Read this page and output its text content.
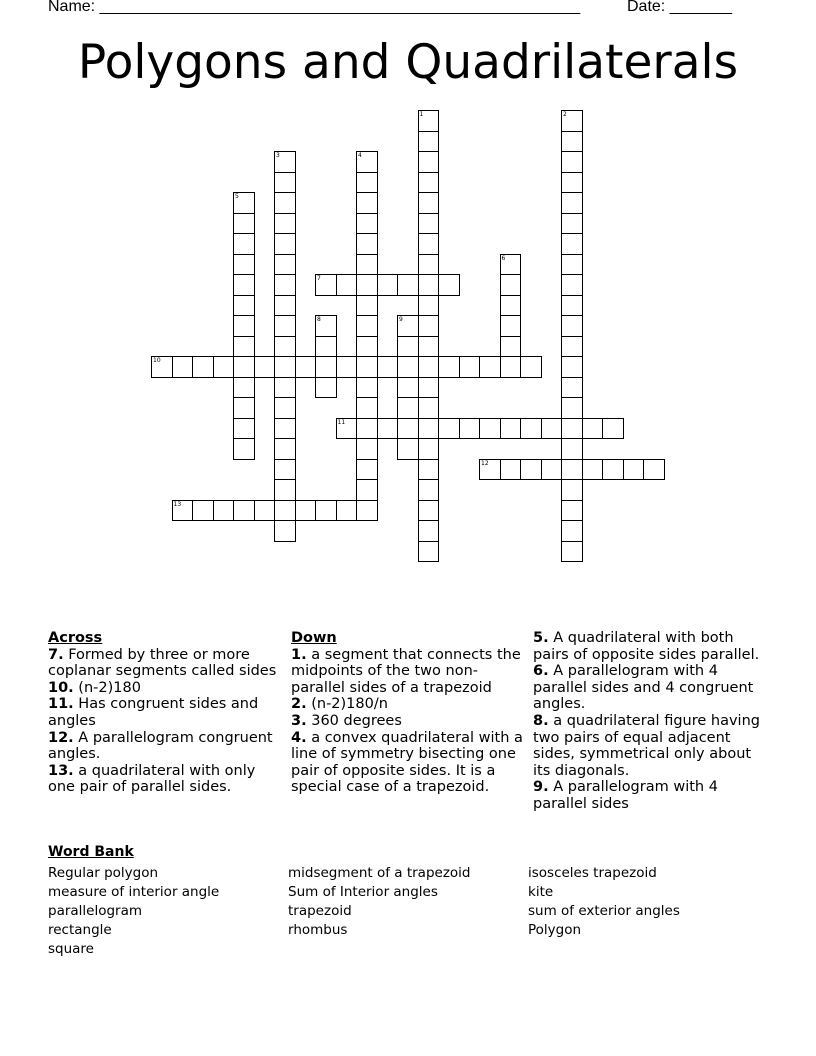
Name: ______________________________________________________	Date: _______
Polygons and Quadrilaterals
1	2
3	4
5
6
7
8	9
10
11
12
13
Across
7. Formed by three or more coplanar segments called sides
10. (n-2)180
11. Has congruent sides and angles
12. A parallelogram congruent angles.
13. a quadrilateral with only one pair of parallel sides.
Down
1. a segment that connects the midpoints of the two non-parallel sides of a trapezoid
2. (n-2)180/n
3. 360 degrees
4. a convex quadrilateral with a line of symmetry bisecting one pair of opposite sides. It is a special case of a trapezoid.
5. A quadrilateral with both pairs of opposite sides parallel.
6. A parallelogram with 4 parallel sides and 4 congruent angles.
8. a quadrilateral figure having two pairs of equal adjacent sides, symmetrical only about its diagonals.
9. A parallelogram with 4 parallel sides
Word Bank
Regular polygon
measure of interior angle
parallelogram
rectangle
square
midsegment of a trapezoid
Sum of Interior angles
trapezoid
rhombus
isosceles trapezoid
kite
sum of exterior angles
Polygon
